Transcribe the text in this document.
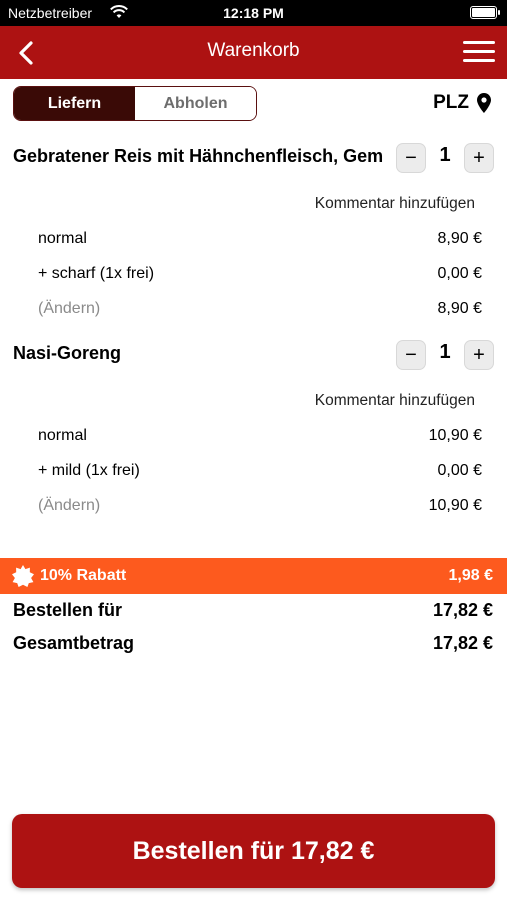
Netzbetreiber	12:18 PM
Warenkorb
Liefern	Abholen	PLZ
Gebratener Reis mit Hähnchenfleisch, Gem	−	1	+
Kommentar hinzufügen
normal	8,90 €
+ scharf (1x frei)	0,00 €
(Ändern)	8,90 €
Nasi-Goreng	−	1	+
Kommentar hinzufügen
normal	10,90 €
+ mild (1x frei)	0,00 €
(Ändern)	10,90 €
10% Rabatt	1,98 €
Bestellen für	17,82 €
Gesamtbetrag	17,82 €
Bestellen für 17,82 €
